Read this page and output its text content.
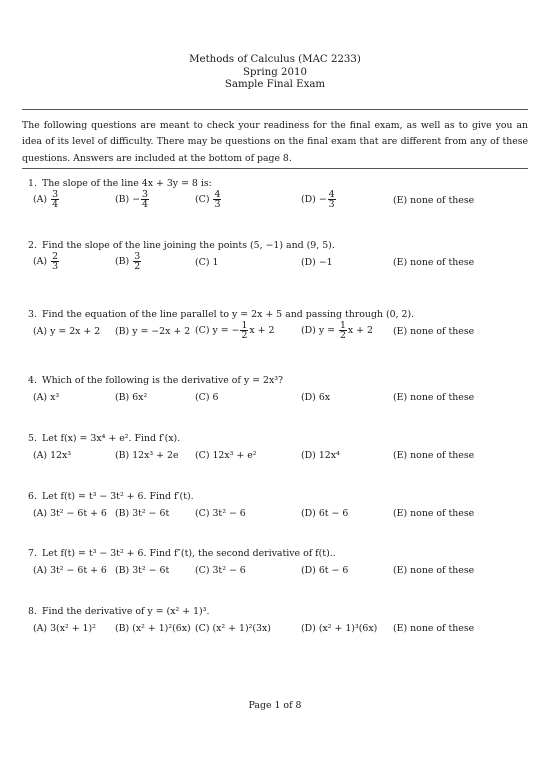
Methods of Calculus (MAC 2233)
Spring 2010
Sample Final Exam
The following questions are meant to check your readiness for the final exam, as well as to give you an idea of its level of difficulty. There may be questions on the final exam that are different from any of these questions. Answers are included at the bottom of page 8.
1. The slope of the line 4x + 3y = 8 is:
$(A) \frac{3}{4}$	$(B) - \frac{3}{4}$	$(C) \frac{4}{3}$	$(D) - \frac{4}{3}$	(E) none of these
2. Find the slope of the line joining the points (5, −1) and (9, 5).
$(A) \frac{2}{3}$	$(B) \frac{3}{2}$	(C) 1	(D) −1	(E) none of these
3. Find the equation of the line parallel to y = 2x + 5 and passing through (0, 2).
(A) y = 2x + 2 (B) y = −2x + 2 (C) y = − $\frac{1}{2}$ x + 2	(D) $y = \frac{1}{2}$ x + 2 (E) none of these
4. Which of the following is the derivative of y = 2x³?
(A) x³	(B) 6x²	(C) 6	(D) 6x	(E) none of these
5. Let f(x) = 3x⁴ + e². Find f′(x).
(A) 12x³	(B) 12x³ + 2e (C) 12x³ + e²	(D) 12x⁴	(E) none of these
6. Let f(t) = t³ − 3t² + 6. Find f′(t).
(A) 3t² − 6t + 6 (B) 3t² − 6t	(C) 3t² − 6	(D) 6t − 6	(E) none of these
7. Let f(t) = t³ − 3t² + 6. Find f″(t), the second derivative of f(t)..
(A) 3t² − 6t + 6 (B) 3t² − 6t	(C) 3t² − 6	(D) 6t − 6	(E) none of these
8. Find the derivative of y = (x² + 1)³.
(A) 3(x² + 1)² (B) (x² + 1)²(6x) (C) (x² + 1)²(3x)	(D) (x² + 1)³(6x) (E) none of these
Page 1 of 8
